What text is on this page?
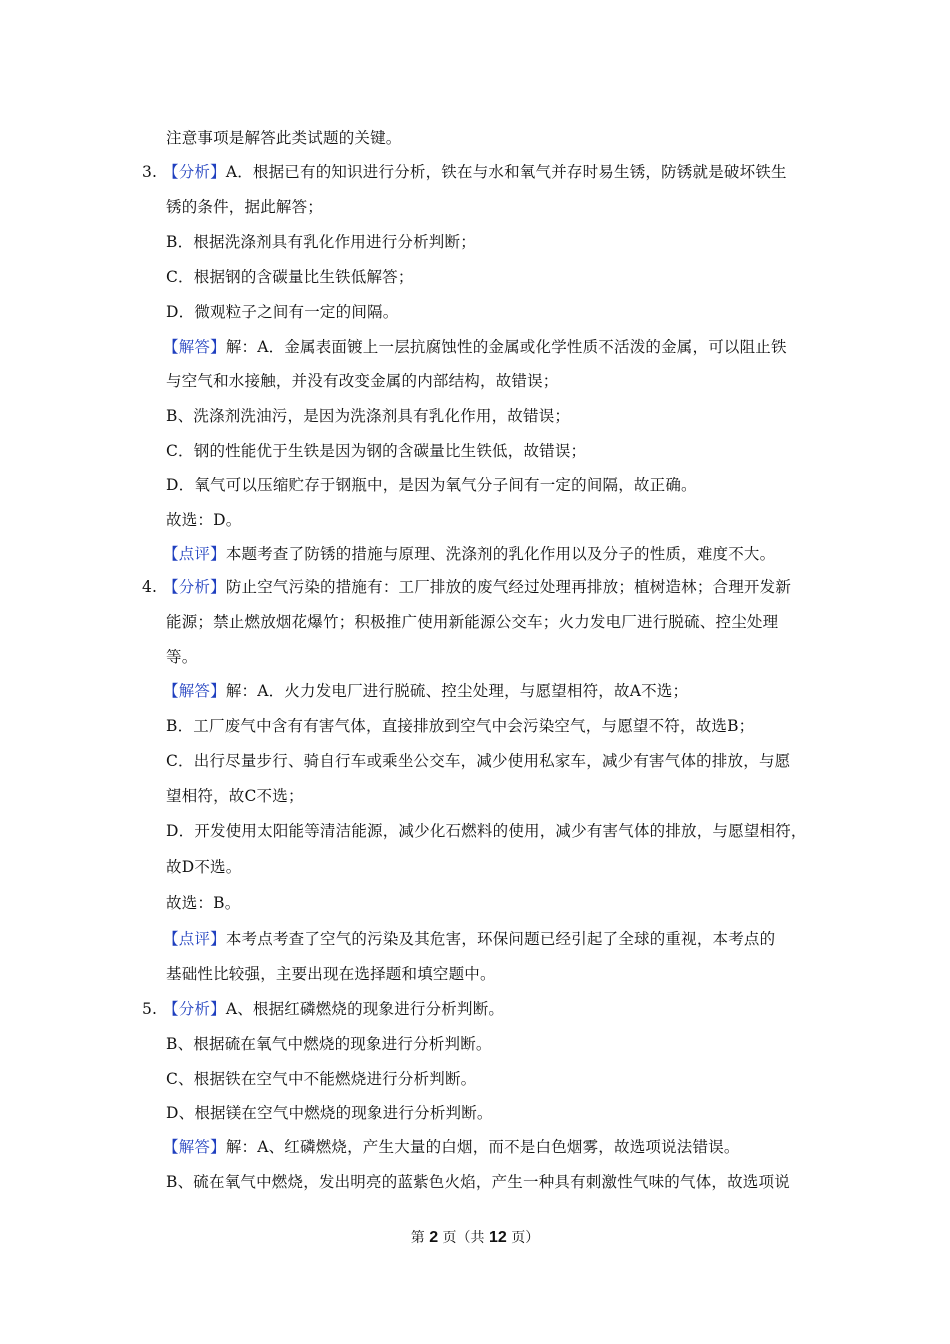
注意事项是解答此类试题的关键。
3. 【分析】A．根据已有的知识进行分析，铁在与水和氧气并存时易生锈，防锈就是破坏铁生
锈的条件，据此解答；
B．根据洗涤剂具有乳化作用进行分析判断；
C．根据钢的含碳量比生铁低解答；
D．微观粒子之间有一定的间隔。
【解答】解：A．金属表面镀上一层抗腐蚀性的金属或化学性质不活泼的金属，可以阻止铁
与空气和水接触，并没有改变金属的内部结构，故错误；
B、洗涤剂洗油污，是因为洗涤剂具有乳化作用，故错误；
C．钢的性能优于生铁是因为钢的含碳量比生铁低，故错误；
D．氧气可以压缩贮存于钢瓶中，是因为氧气分子间有一定的间隔，故正确。
故选：D。
【点评】本题考查了防锈的措施与原理、洗涤剂的乳化作用以及分子的性质，难度不大。
4. 【分析】防止空气污染的措施有：工厂排放的废气经过处理再排放；植树造林；合理开发新
能源；禁止燃放烟花爆竹；积极推广使用新能源公交车；火力发电厂进行脱硫、控尘处理
等。
【解答】解：A．火力发电厂进行脱硫、控尘处理，与愿望相符，故A不选；
B．工厂废气中含有有害气体，直接排放到空气中会污染空气，与愿望不符，故选B；
C．出行尽量步行、骑自行车或乘坐公交车，减少使用私家车，减少有害气体的排放，与愿
望相符，故C不选；
D．开发使用太阳能等清洁能源，减少化石燃料的使用，减少有害气体的排放，与愿望相符，
故D不选。
故选：B。
【点评】本考点考查了空气的污染及其危害，环保问题已经引起了全球的重视，本考点的
基础性比较强，主要出现在选择题和填空题中。
5. 【分析】A、根据红磷燃烧的现象进行分析判断。
B、根据硫在氧气中燃烧的现象进行分析判断。
C、根据铁在空气中不能燃烧进行分析判断。
D、根据镁在空气中燃烧的现象进行分析判断。
【解答】解：A、红磷燃烧，产生大量的白烟，而不是白色烟雾，故选项说法错误。
B、硫在氧气中燃烧，发出明亮的蓝紫色火焰，产生一种具有刺激性气味的气体，故选项说
第 2 页（共 12 页）
